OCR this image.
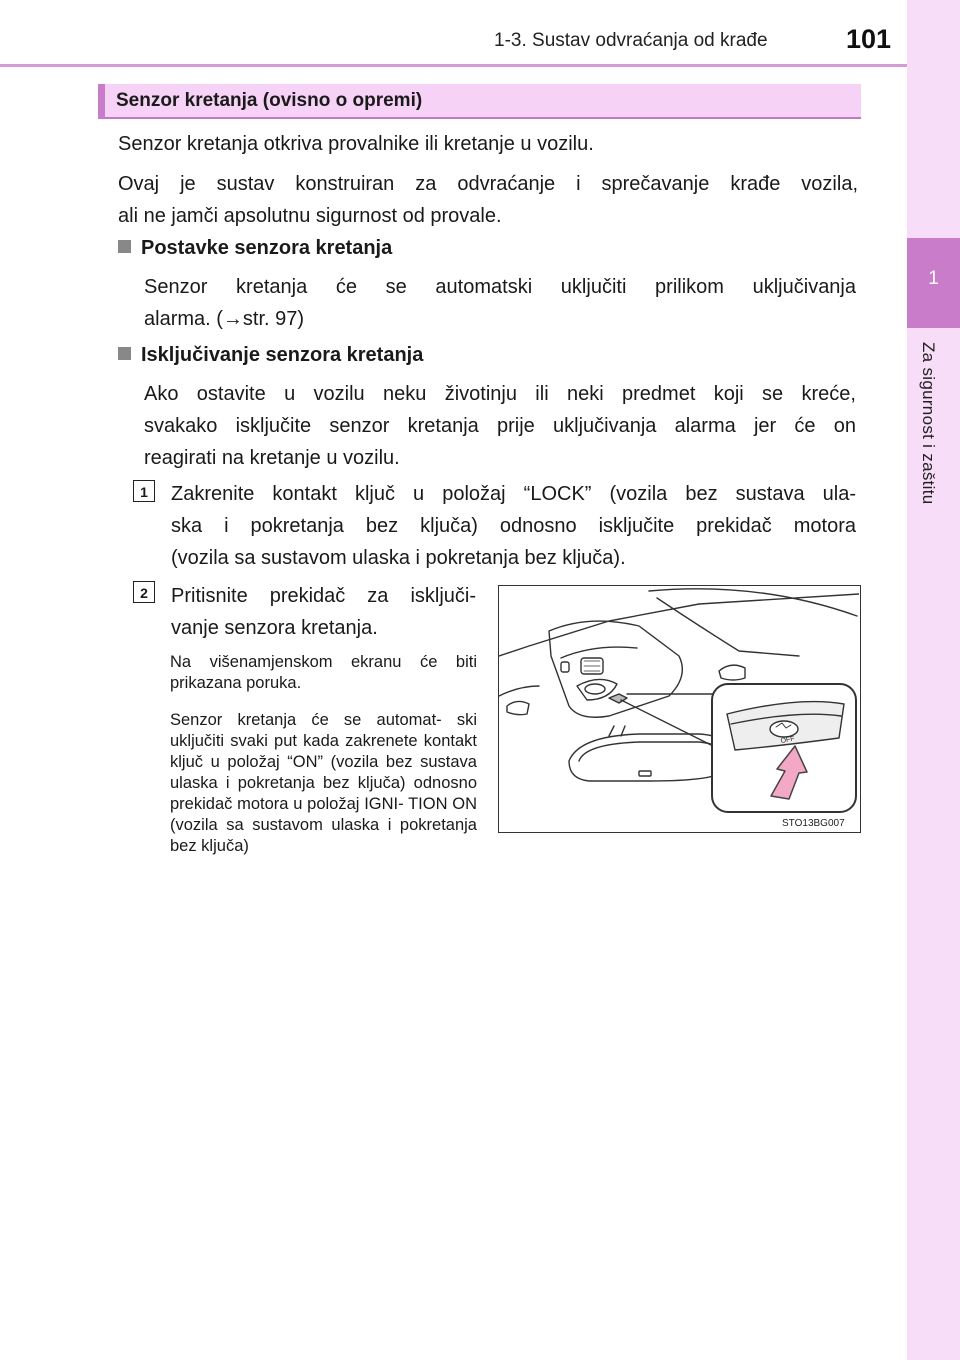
1-3. Sustav odvraćanja od krađe	101
1
Za sigurnost i zaštitu
Senzor kretanja (ovisno o opremi)
Senzor kretanja otkriva provalnike ili kretanje u vozilu.
Ovaj je sustav konstruiran za odvraćanje i sprečavanje krađe vozila,
ali ne jamči apsolutnu sigurnost od provale.
Postavke senzora kretanja
Senzor kretanja će se automatski uključiti prilikom uključivanja
alarma. (→str. 97)
Isključivanje senzora kretanja
Ako ostavite u vozilu neku životinju ili neki predmet koji se kreće,
svakako isključite senzor kretanja prije uključivanja alarma jer će on
reagirati na kretanje u vozilu.
1	Zakrenite kontakt ključ u položaj “LOCK” (vozila bez sustava ula-
ska i pokretanja bez ključa) odnosno isključite prekidač motora
(vozila sa sustavom ulaska i pokretanja bez ključa).
2	Pritisnite prekidač za isključi-
vanje senzora kretanja.
Na višenamjenskom ekranu će biti prikazana poruka.
Senzor kretanja će se automat- ski uključiti svaki put kada zakrenete kontakt ključ u položaj “ON” (vozila bez sustava ulaska i pokretanja bez ključa) odnosno prekidač motora u položaj IGNI- TION ON (vozila sa sustavom ulaska i pokretanja bez ključa)
OFF
STO13BG007
